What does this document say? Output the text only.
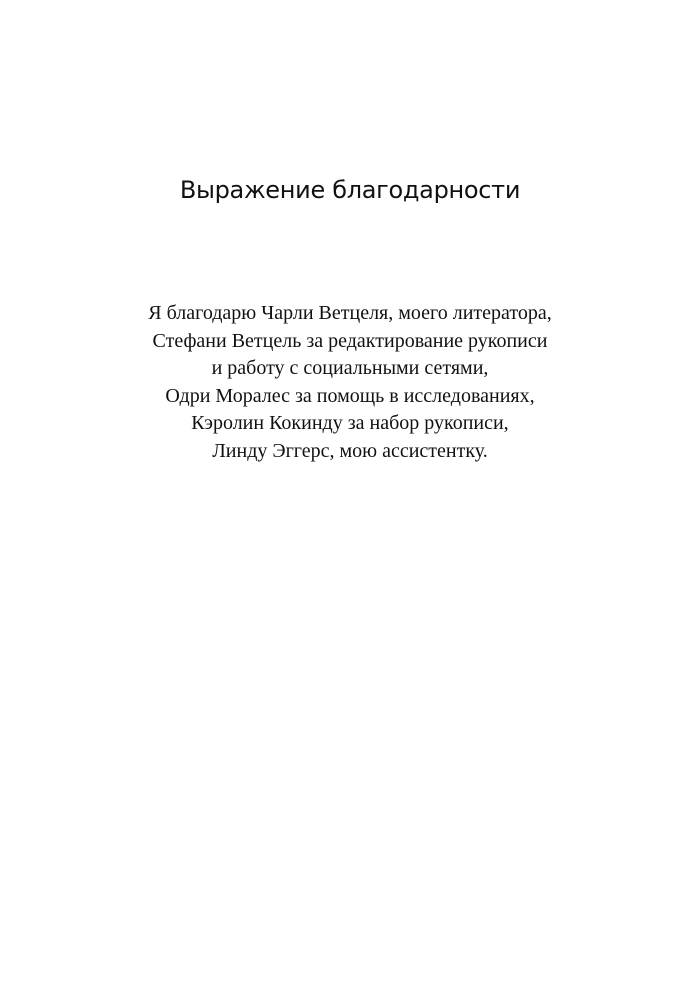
Выражение благодарности
Я благодарю Чарли Ветцеля, моего литератора,
Стефани Ветцель за редактирование рукописи
и работу с социальными сетями,
Одри Моралес за помощь в исследованиях,
Кэролин Кокинду за набор рукописи,
Линду Эггерс, мою ассистентку.
